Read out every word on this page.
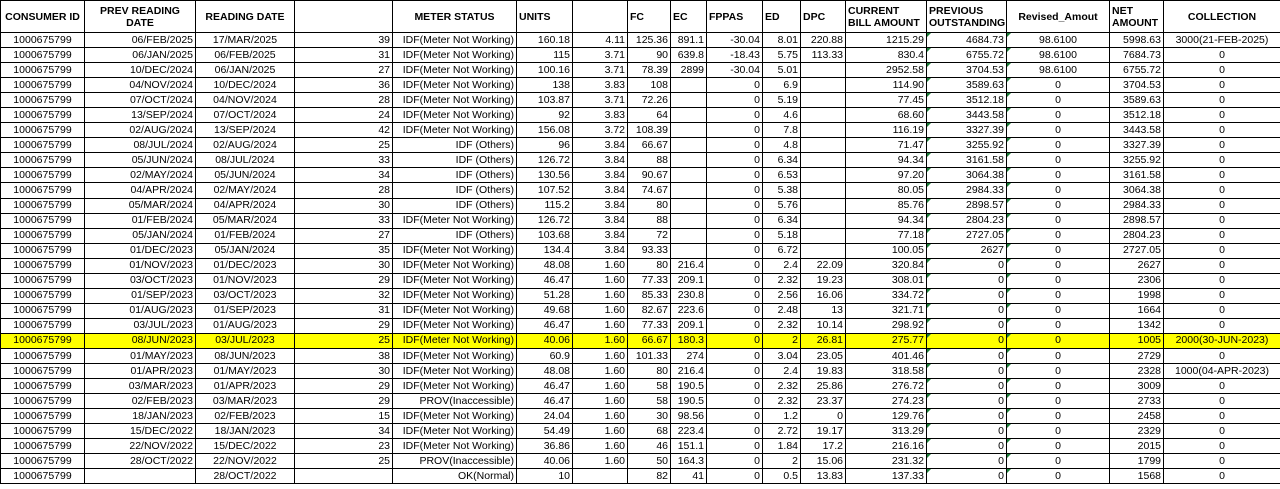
CONSUMER ID	PREV READING DATE	READING DATE		METER STATUS	UNITS		FC	EC	FPPAS	ED	DPC	CURRENT BILL AMOUNT	PREVIOUS OUTSTANDING	Revised_Amout	NET AMOUNT	COLLECTION
1000675799	06/FEB/2025	17/MAR/2025	39	IDF(Meter Not Working)	160.18	4.11	125.36	891.1	-30.04	8.01	220.88	1215.29	4684.73	98.6100	5998.63	3000(21-FEB-2025)
1000675799	06/JAN/2025	06/FEB/2025	31	IDF(Meter Not Working)	115	3.71	90	639.8	-18.43	5.75	113.33	830.4	6755.72	98.6100	7684.73	0
1000675799	10/DEC/2024	06/JAN/2025	27	IDF(Meter Not Working)	100.16	3.71	78.39	2899	-30.04	5.01		2952.58	3704.53	98.6100	6755.72	0
1000675799	04/NOV/2024	10/DEC/2024	36	IDF(Meter Not Working)	138	3.83	108		0	6.9		114.90	3589.63	0	3704.53	0
1000675799	07/OCT/2024	04/NOV/2024	28	IDF(Meter Not Working)	103.87	3.71	72.26		0	5.19		77.45	3512.18	0	3589.63	0
1000675799	13/SEP/2024	07/OCT/2024	24	IDF(Meter Not Working)	92	3.83	64		0	4.6		68.60	3443.58	0	3512.18	0
1000675799	02/AUG/2024	13/SEP/2024	42	IDF(Meter Not Working)	156.08	3.72	108.39		0	7.8		116.19	3327.39	0	3443.58	0
1000675799	08/JUL/2024	02/AUG/2024	25	IDF (Others)	96	3.84	66.67		0	4.8		71.47	3255.92	0	3327.39	0
1000675799	05/JUN/2024	08/JUL/2024	33	IDF (Others)	126.72	3.84	88		0	6.34		94.34	3161.58	0	3255.92	0
1000675799	02/MAY/2024	05/JUN/2024	34	IDF (Others)	130.56	3.84	90.67		0	6.53		97.20	3064.38	0	3161.58	0
1000675799	04/APR/2024	02/MAY/2024	28	IDF (Others)	107.52	3.84	74.67		0	5.38		80.05	2984.33	0	3064.38	0
1000675799	05/MAR/2024	04/APR/2024	30	IDF (Others)	115.2	3.84	80		0	5.76		85.76	2898.57	0	2984.33	0
1000675799	01/FEB/2024	05/MAR/2024	33	IDF(Meter Not Working)	126.72	3.84	88		0	6.34		94.34	2804.23	0	2898.57	0
1000675799	05/JAN/2024	01/FEB/2024	27	IDF (Others)	103.68	3.84	72		0	5.18		77.18	2727.05	0	2804.23	0
1000675799	01/DEC/2023	05/JAN/2024	35	IDF(Meter Not Working)	134.4	3.84	93.33		0	6.72		100.05	2627	0	2727.05	0
1000675799	01/NOV/2023	01/DEC/2023	30	IDF(Meter Not Working)	48.08	1.60	80	216.4	0	2.4	22.09	320.84	0	0	2627	0
1000675799	03/OCT/2023	01/NOV/2023	29	IDF(Meter Not Working)	46.47	1.60	77.33	209.1	0	2.32	19.23	308.01	0	0	2306	0
1000675799	01/SEP/2023	03/OCT/2023	32	IDF(Meter Not Working)	51.28	1.60	85.33	230.8	0	2.56	16.06	334.72	0	0	1998	0
1000675799	01/AUG/2023	01/SEP/2023	31	IDF(Meter Not Working)	49.68	1.60	82.67	223.6	0	2.48	13	321.71	0	0	1664	0
1000675799	03/JUL/2023	01/AUG/2023	29	IDF(Meter Not Working)	46.47	1.60	77.33	209.1	0	2.32	10.14	298.92	0	0	1342	0
1000675799	08/JUN/2023	03/JUL/2023	25	IDF(Meter Not Working)	40.06	1.60	66.67	180.3	0	2	26.81	275.77	0	0	1005	2000(30-JUN-2023)
1000675799	01/MAY/2023	08/JUN/2023	38	IDF(Meter Not Working)	60.9	1.60	101.33	274	0	3.04	23.05	401.46	0	0	2729	0
1000675799	01/APR/2023	01/MAY/2023	30	IDF(Meter Not Working)	48.08	1.60	80	216.4	0	2.4	19.83	318.58	0	0	2328	1000(04-APR-2023)
1000675799	03/MAR/2023	01/APR/2023	29	IDF(Meter Not Working)	46.47	1.60	58	190.5	0	2.32	25.86	276.72	0	0	3009	0
1000675799	02/FEB/2023	03/MAR/2023	29	PROV(Inaccessible)	46.47	1.60	58	190.5	0	2.32	23.37	274.23	0	0	2733	0
1000675799	18/JAN/2023	02/FEB/2023	15	IDF(Meter Not Working)	24.04	1.60	30	98.56	0	1.2	0	129.76	0	0	2458	0
1000675799	15/DEC/2022	18/JAN/2023	34	IDF(Meter Not Working)	54.49	1.60	68	223.4	0	2.72	19.17	313.29	0	0	2329	0
1000675799	22/NOV/2022	15/DEC/2022	23	IDF(Meter Not Working)	36.86	1.60	46	151.1	0	1.84	17.2	216.16	0	0	2015	0
1000675799	28/OCT/2022	22/NOV/2022	25	PROV(Inaccessible)	40.06	1.60	50	164.3	0	2	15.06	231.32	0	0	1799	0
1000675799		28/OCT/2022		OK(Normal)	10		82	41	0	0.5	13.83	137.33	0	0	1568	0
